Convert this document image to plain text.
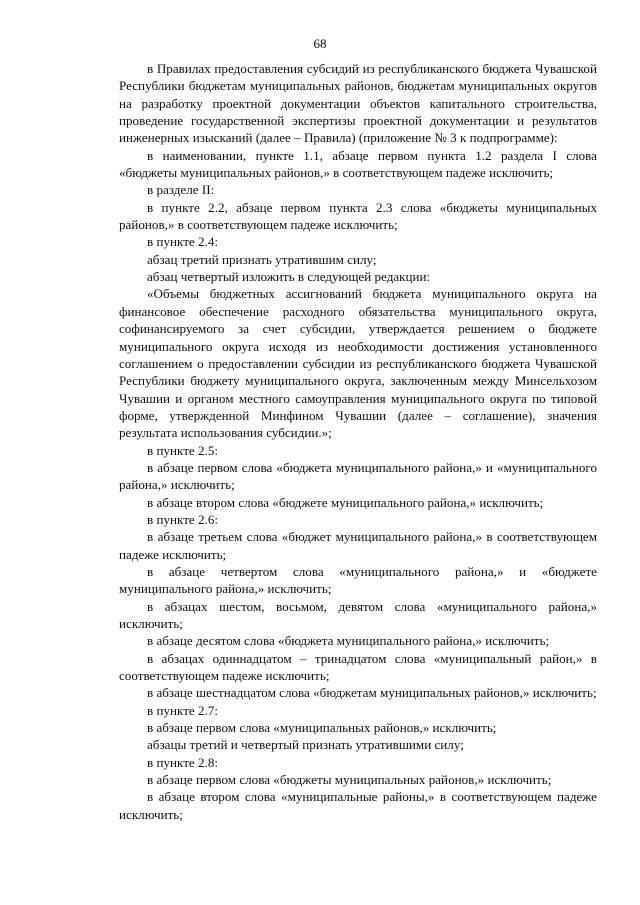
68

в Правилах предоставления субсидий из республиканского бюджета Чувашской Республики бюджетам муниципальных районов, бюджетам муниципальных округов на разработку проектной документации объектов капитального строительства, проведение государственной экспертизы проектной документации и результатов инженерных изысканий (далее – Правила) (приложение № 3 к подпрограмме):

в наименовании, пункте 1.1, абзаце первом пункта 1.2 раздела I слова «бюджеты муниципальных районов,» в соответствующем падеже исключить;

в разделе II:

в пункте 2.2, абзаце первом пункта 2.3 слова «бюджеты муниципальных районов,» в соответствующем падеже исключить;

в пункте 2.4:

абзац третий признать утратившим силу;

абзац четвертый изложить в следующей редакции:

«Объемы бюджетных ассигнований бюджета муниципального округа на финансовое обеспечение расходного обязательства муниципального округа, софинансируемого за счет субсидии, утверждается решением о бюджете муниципального округа исходя из необходимости достижения установленного соглашением о предоставлении субсидии из республиканского бюджета Чувашской Республики бюджету муниципального округа, заключенным между Минсельхозом Чувашии и органом местного самоуправления муниципального округа по типовой форме, утвержденной Минфином Чувашии (далее – соглашение), значения результата использования субсидии.»;

в пункте 2.5:

в абзаце первом слова «бюджета муниципального района,» и «муниципального района,» исключить;

в абзаце втором слова «бюджете муниципального района,» исключить;

в пункте 2.6:

в абзаце третьем слова «бюджет муниципального района,» в соответствующем падеже исключить;

в абзаце четвертом слова «муниципального района,» и «бюджете муниципального района,» исключить;

в абзацах шестом, восьмом, девятом слова «муниципального района,» исключить;

в абзаце десятом слова «бюджета муниципального района,» исключить;

в абзацах одиннадцатом – тринадцатом слова «муниципальный район,» в соответствующем падеже исключить;

в абзаце шестнадцатом слова «бюджетам муниципальных районов,» исключить;

в пункте 2.7:

в абзаце первом слова «муниципальных районов,» исключить;

абзацы третий и четвертый признать утратившими силу;

в пункте 2.8:

в абзаце первом слова «бюджеты муниципальных районов,» исключить;

в абзаце втором слова «муниципальные районы,» в соответствующем падеже исключить;
